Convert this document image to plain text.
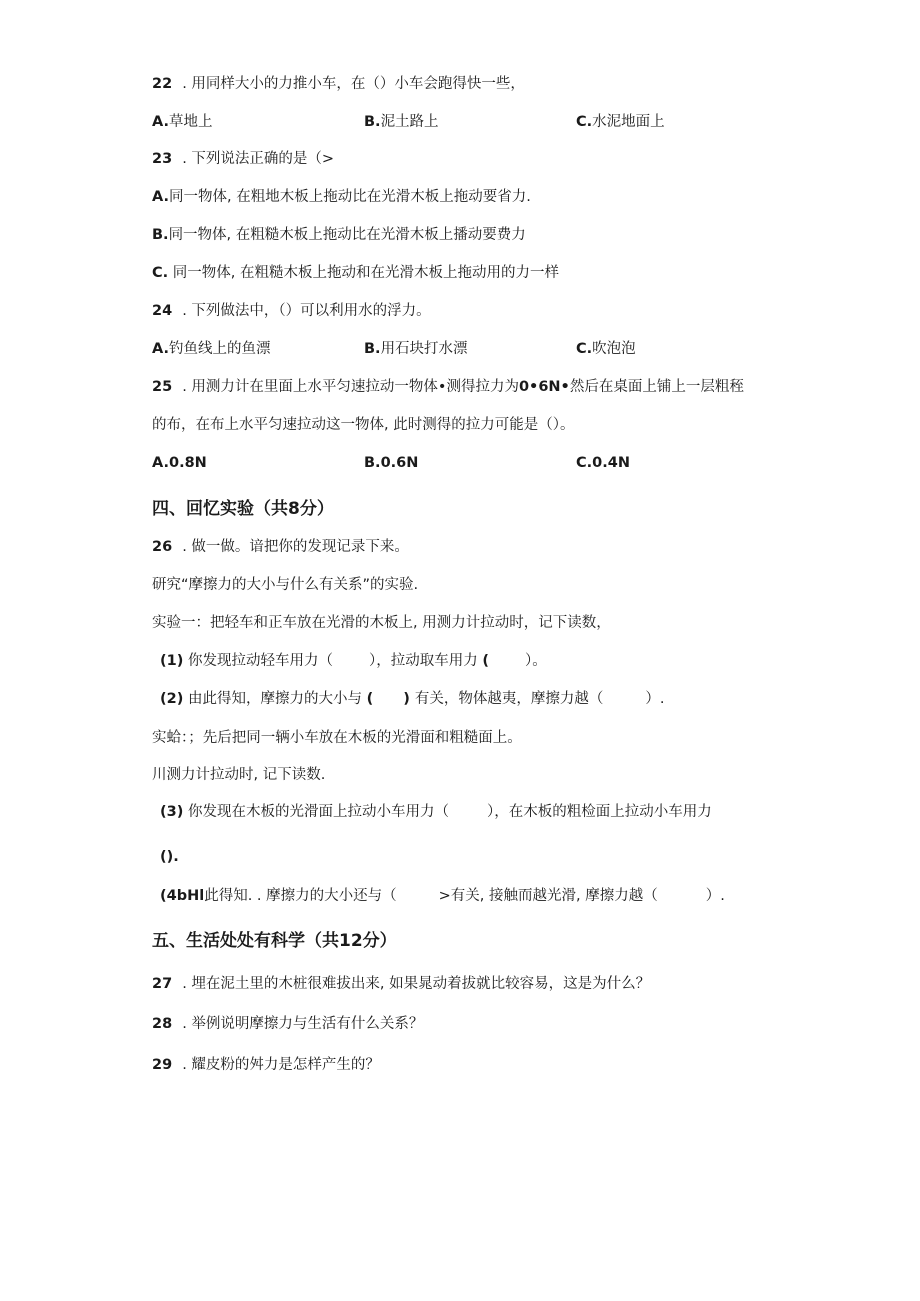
22 . 用同样大小的力推小车，在（）小车会跑得快一些，
A.草地上	B.泥土路上	C.水泥地面上
23 . 下列说法正确的是（>
A.同一物体, 在粗地木板上拖动比在光滑木板上拖动要省力.
B.同一物体, 在粗糙木板上拖动比在光滑木板上播动要费力
C. 同一物体, 在粗糙木板上拖动和在光滑木板上拖动用的力一样
24 . 下列做法中，（）可以利用水的浮力。
A.钓鱼线上的鱼漂	B.用石块打水漂	C.吹泡泡
25 . 用测力计在里面上水平匀速拉动一物体•测得拉力为0•6N•然后在桌面上铺上一层粗秷
的布，在布上水平匀速拉动这一物体, 此时测得的拉力可能是（）。
A.0.8N	B.0.6N	C.0.4N
四、回忆实验（共8分）
26 . 做一做。谙把你的发现记录下来。
研究“摩擦力的大小与什么有关系”的实验.
实验一：把轻车和正车放在光滑的木板上, 用测力计拉动时，记下读数，
(1) 你发现拉动轻车用力（ ），拉动取车用力 ( ）。
(2) 由此得知，摩擦力的大小与 ( ) 有关，物体越夷，摩擦力越（	）.
实蛤：；先后把同一辆小车放在木板的光滑面和粗糙面上。
川测力计拉动时, 记下读数.
(3) 你发现在木板的光滑面上拉动小车用力（	），在木板的粗检面上拉动小车用力
().
(4bHl此得知. . 摩擦力的大小还与（	>有关, 接触而越光滑, 摩擦力越（	）.
五、生活处处有科学（共12分）
27 . 埋在泥土里的木桩很难拔出来, 如果晁动着拔就比较容易，这是为什么？
28 . 举例说明摩擦力与生活有什么关系？
29 . 耀皮粉的舛力是怎样产生的？
